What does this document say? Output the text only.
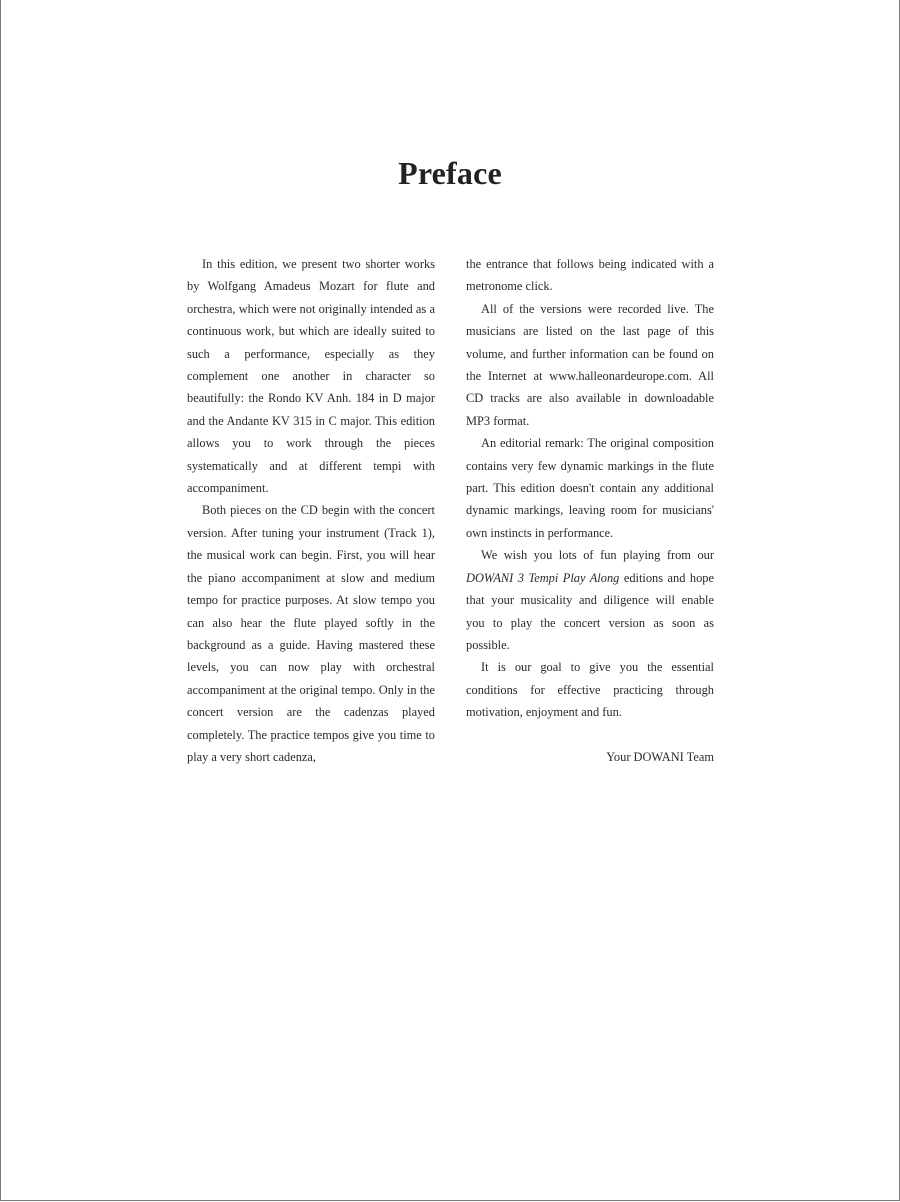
Preface

In this edition, we present two shorter works by Wolfgang Amadeus Mozart for flute and orchestra, which were not originally intended as a continuous work, but which are ideally suited to such a performance, especially as they complement one another in character so beautifully: the Rondo KV Anh. 184 in D major and the Andante KV 315 in C major. This edition allows you to work through the pieces systematically and at different tempi with accompaniment.

Both pieces on the CD begin with the concert version. After tuning your instrument (Track 1), the musical work can begin. First, you will hear the piano accompaniment at slow and medium tempo for practice purposes. At slow tempo you can also hear the flute played softly in the background as a guide. Having mastered these levels, you can now play with orchestral accompaniment at the original tempo. Only in the concert version are the cadenzas played completely. The practice tempos give you time to play a very short cadenza,

the entrance that follows being indicated with a metronome click.

All of the versions were recorded live. The musicians are listed on the last page of this volume, and further information can be found on the Internet at www.halleonardeurope.com. All CD tracks are also available in downloadable MP3 format.

An editorial remark: The original composition contains very few dynamic markings in the flute part. This edition doesn't contain any additional dynamic markings, leaving room for musicians' own instincts in performance.

We wish you lots of fun playing from our DOWANI 3 Tempi Play Along editions and hope that your musicality and diligence will enable you to play the concert version as soon as possible.

It is our goal to give you the essential conditions for effective practicing through motivation, enjoyment and fun.

Your DOWANI Team
